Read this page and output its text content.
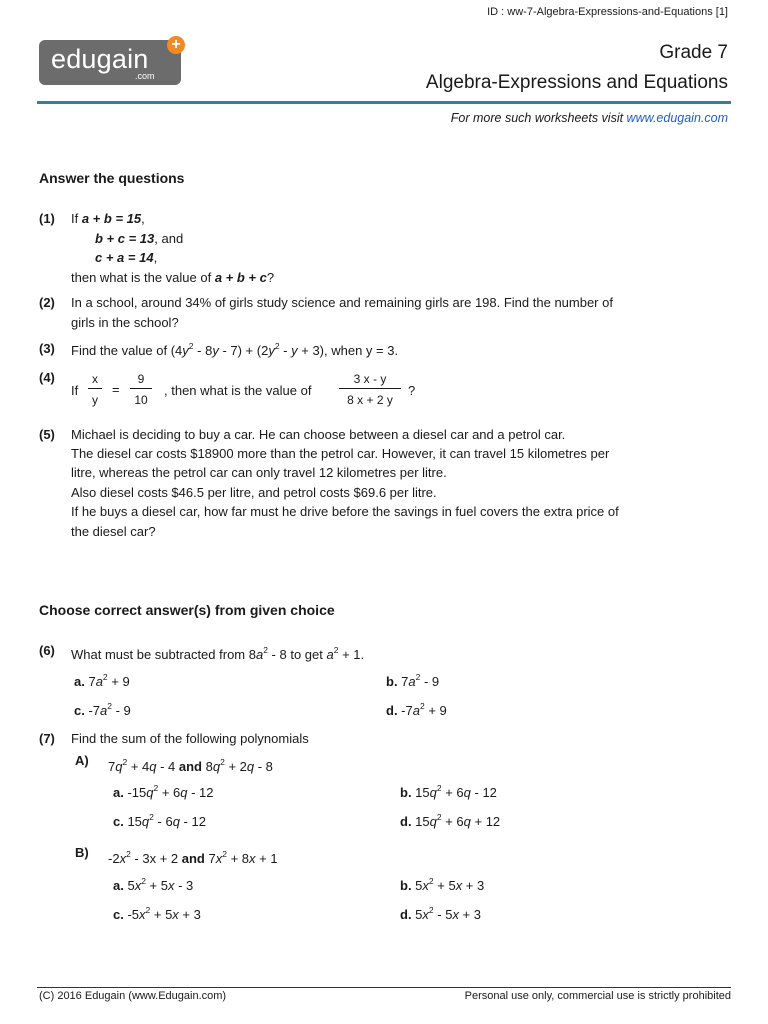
ID : ww-7-Algebra-Expressions-and-Equations [1]
edugain
.com
+	Grade 7
Algebra-Expressions and Equations
For more such worksheets visit www.edugain.com
Answer the questions
(1) If a + b = 15,
b + c = 13, and
c + a = 14,
then what is the value of a + b + c?
(2) In a school, around 34% of girls study science and remaining girls are 198. Find the number of
girls in the school?
(3) Find the value of $(4y^2 - 8y - 7) + (2y^2 - y + 3)$, when y = 3.
(4)
If
x
y
=
9
10
, then what is the value of
3 x - y
8 x + 2 y
?
(5) Michael is deciding to buy a car. He can choose between a diesel car and a petrol car.
The diesel car costs $18900 more than the petrol car. However, it can travel 15 kilometres per
litre, whereas the petrol car can only travel 12 kilometres per litre.
Also diesel costs $46.5 per litre, and petrol costs $69.6 per litre.
If he buys a diesel car, how far must he drive before the savings in fuel covers the extra price of
the diesel car?
Choose correct answer(s) from given choice
(6) What must be subtracted from $8a^2 - 8$ to get $a^2 + 1$.
a. $7a^2 + 9$	b. $7a^2 - 9$
c. $-7a^2 - 9$	d. $-7a^2 + 9$
(7) Find the sum of the following polynomials
A) $7q^2 + 4q - 4$ and $8q^2 + 2q - 8$
a. $-15q^2 + 6q - 12$	b. $15q^2 + 6q - 12$
c. $15q^2 - 6q - 12$	d. $15q^2 + 6q + 12$
B) $-2x^2 - 3x + 2$ and $7x^2 + 8x + 1$
a. $5x^2 + 5x - 3$	b. $5x^2 + 5x + 3$
c. $-5x^2 + 5x + 3$	d. $5x^2 - 5x + 3$
(C) 2016 Edugain (www.Edugain.com)	Personal use only, commercial use is strictly prohibited
